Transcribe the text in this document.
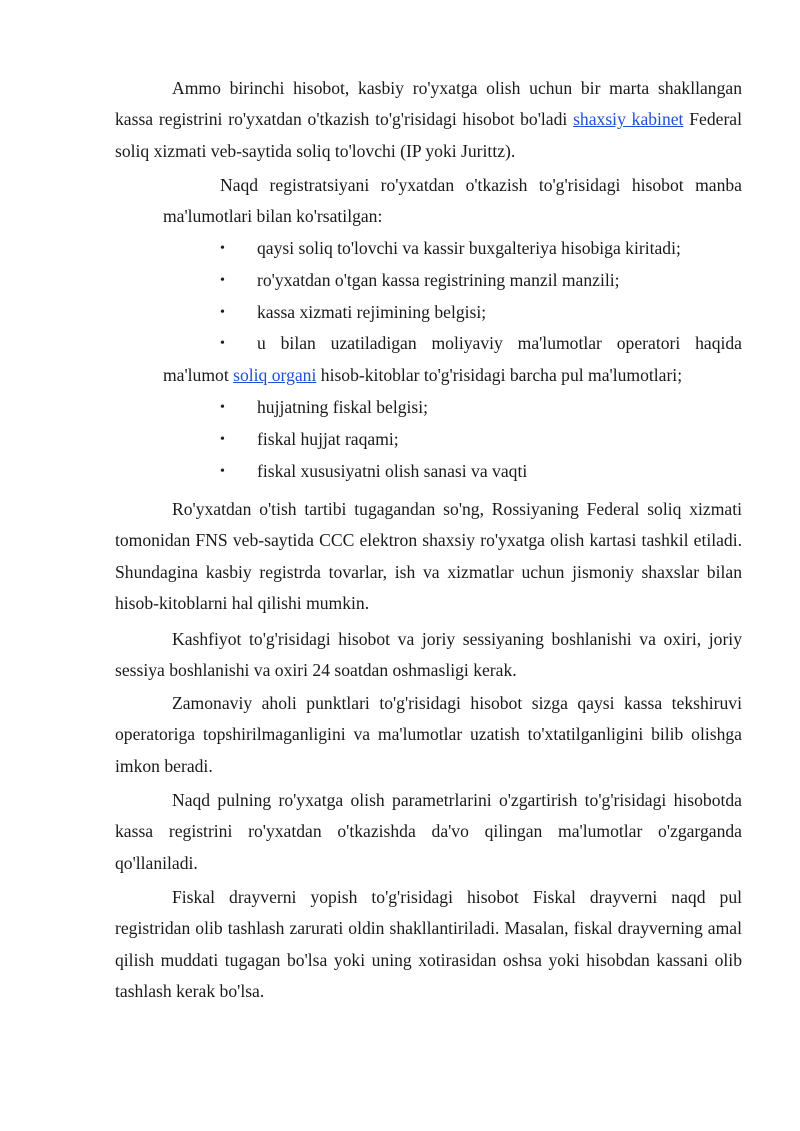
Ammo birinchi hisobot, kasbiy ro'yxatga olish uchun bir marta shakllangan kassa registrini ro'yxatdan o'tkazish to'g'risidagi hisobot bo'ladi shaxsiy kabinet Federal soliq xizmati veb-saytida soliq to'lovchi (IP yoki Jurittz).

Naqd registratsiyani ro'yxatdan o'tkazish to'g'risidagi hisobot manba ma'lumotlari bilan ko'rsatilgan:

• qaysi soliq to'lovchi va kassir buxgalteriya hisobiga kiritadi;
• ro'yxatdan o'tgan kassa registrining manzil manzili;
• kassa xizmati rejimining belgisi;
•	u bilan uzatiladigan moliyaviy ma'lumotlar operatori haqida
ma'lumot soliq organi hisob-kitoblar to'g'risidagi barcha pul ma'lumotlari;
• hujjatning fiskal belgisi;
• fiskal hujjat raqami;
• fiskal xususiyatni olish sanasi va vaqti

Ro'yxatdan o'tish tartibi tugagandan so'ng, Rossiyaning Federal soliq xizmati tomonidan FNS veb-saytida CCC elektron shaxsiy ro'yxatga olish kartasi tashkil etiladi. Shundagina kasbiy registrda tovarlar, ish va xizmatlar uchun jismoniy shaxslar bilan hisob-kitoblarni hal qilishi mumkin.

Kashfiyot to'g'risidagi hisobot va joriy sessiyaning boshlanishi va oxiri, joriy sessiya boshlanishi va oxiri 24 soatdan oshmasligi kerak.

Zamonaviy aholi punktlari to'g'risidagi hisobot sizga qaysi kassa tekshiruvi operatoriga topshirilmaganligini va ma'lumotlar uzatish to'xtatilganligini bilib olishga imkon beradi.

Naqd pulning ro'yxatga olish parametrlarini o'zgartirish to'g'risidagi hisobotda kassa registrini ro'yxatdan o'tkazishda da'vo qilingan ma'lumotlar o'zgarganda qo'llaniladi.

Fiskal drayverni yopish to'g'risidagi hisobot Fiskal drayverni naqd pul registridan olib tashlash zarurati oldin shakllantiriladi. Masalan, fiskal drayverning amal qilish muddati tugagan bo'lsa yoki uning xotirasidan oshsa yoki hisobdan kassani olib tashlash kerak bo'lsa.
